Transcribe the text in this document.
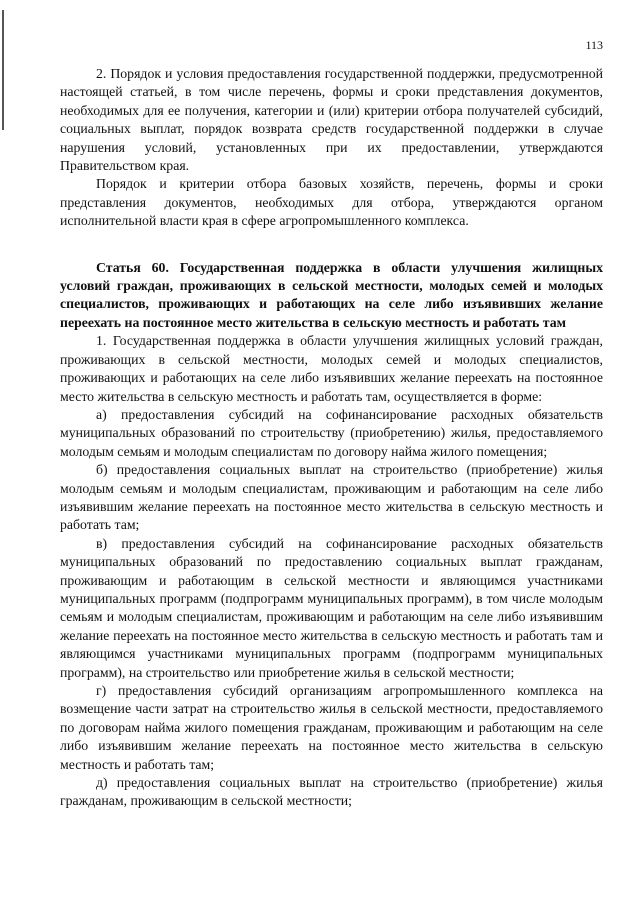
113

2. Порядок и условия предоставления государственной поддержки, предусмотренной настоящей статьей, в том числе перечень, формы и сроки представления документов, необходимых для ее получения, категории и (или) критерии отбора получателей субсидий, социальных выплат, порядок возврата средств государственной поддержки в случае нарушения условий, установленных при их предоставлении, утверждаются Правительством края.

Порядок и критерии отбора базовых хозяйств, перечень, формы и сроки представления документов, необходимых для отбора, утверждаются органом исполнительной власти края в сфере агропромышленного комплекса.

Статья 60. Государственная поддержка в области улучшения жилищных условий граждан, проживающих в сельской местности, молодых семей и молодых специалистов, проживающих и работающих на селе либо изъявивших желание переехать на постоянное место жительства в сельскую местность и работать там

1. Государственная поддержка в области улучшения жилищных условий граждан, проживающих в сельской местности, молодых семей и молодых специалистов, проживающих и работающих на селе либо изъявивших желание переехать на постоянное место жительства в сельскую местность и работать там, осуществляется в форме:

а) предоставления субсидий на софинансирование расходных обязательств муниципальных образований по строительству (приобретению) жилья, предоставляемого молодым семьям и молодым специалистам по договору найма жилого помещения;

б) предоставления социальных выплат на строительство (приобретение) жилья молодым семьям и молодым специалистам, проживающим и работающим на селе либо изъявившим желание переехать на постоянное место жительства в сельскую местность и работать там;

в) предоставления субсидий на софинансирование расходных обязательств муниципальных образований по предоставлению социальных выплат гражданам, проживающим и работающим в сельской местности и являющимся участниками муниципальных программ (подпрограмм муниципальных программ), в том числе молодым семьям и молодым специалистам, проживающим и работающим на селе либо изъявившим желание переехать на постоянное место жительства в сельскую местность и работать там и являющимся участниками муниципальных программ (подпрограмм муниципальных программ), на строительство или приобретение жилья в сельской местности;

г) предоставления субсидий организациям агропромышленного комплекса на возмещение части затрат на строительство жилья в сельской местности, предоставляемого по договорам найма жилого помещения гражданам, проживающим и работающим на селе либо изъявившим желание переехать на постоянное место жительства в сельскую местность и работать там;

д) предоставления социальных выплат на строительство (приобретение) жилья гражданам, проживающим в сельской местности;
